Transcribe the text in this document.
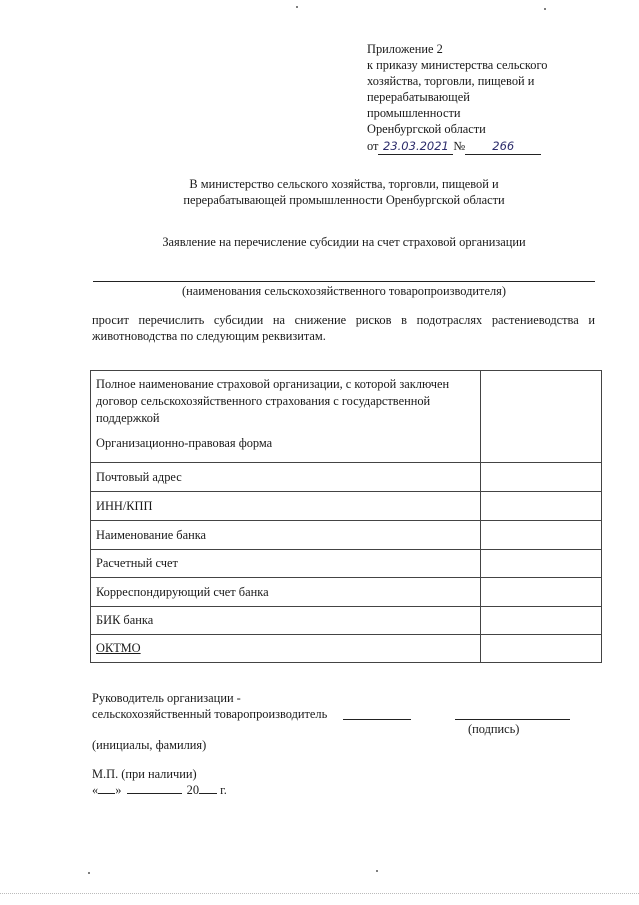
Приложение 2
к приказу министерства сельского
хозяйства, торговли, пищевой и
перерабатывающей
промышленности
Оренбургской области
от 23.03.2021 № 266
В министерство сельского хозяйства, торговли, пищевой и
перерабатывающей промышленности Оренбургской области
Заявление на перечисление субсидии на счет страховой организации
(наименования сельскохозяйственного товаропроизводителя)
просит перечислить субсидии на снижение рисков в подотраслях растениеводства и животноводства по следующим реквизитам.
Полное наименование страховой организации, с которой заключен
договор сельскохозяйственного страхования с государственной
поддержкой
Организационно-правовая форма	

Почтовый адрес	
ИНН/КПП	
Наименование банка	
Расчетный счет	
Корреспондирующий счет банка	
БИК банка	
ОКТМО	
Руководитель организации -
сельскохозяйственный товаропроизводитель
(подпись)
(инициалы, фамилия)
М.П. (при наличии)
« »	20 г.
